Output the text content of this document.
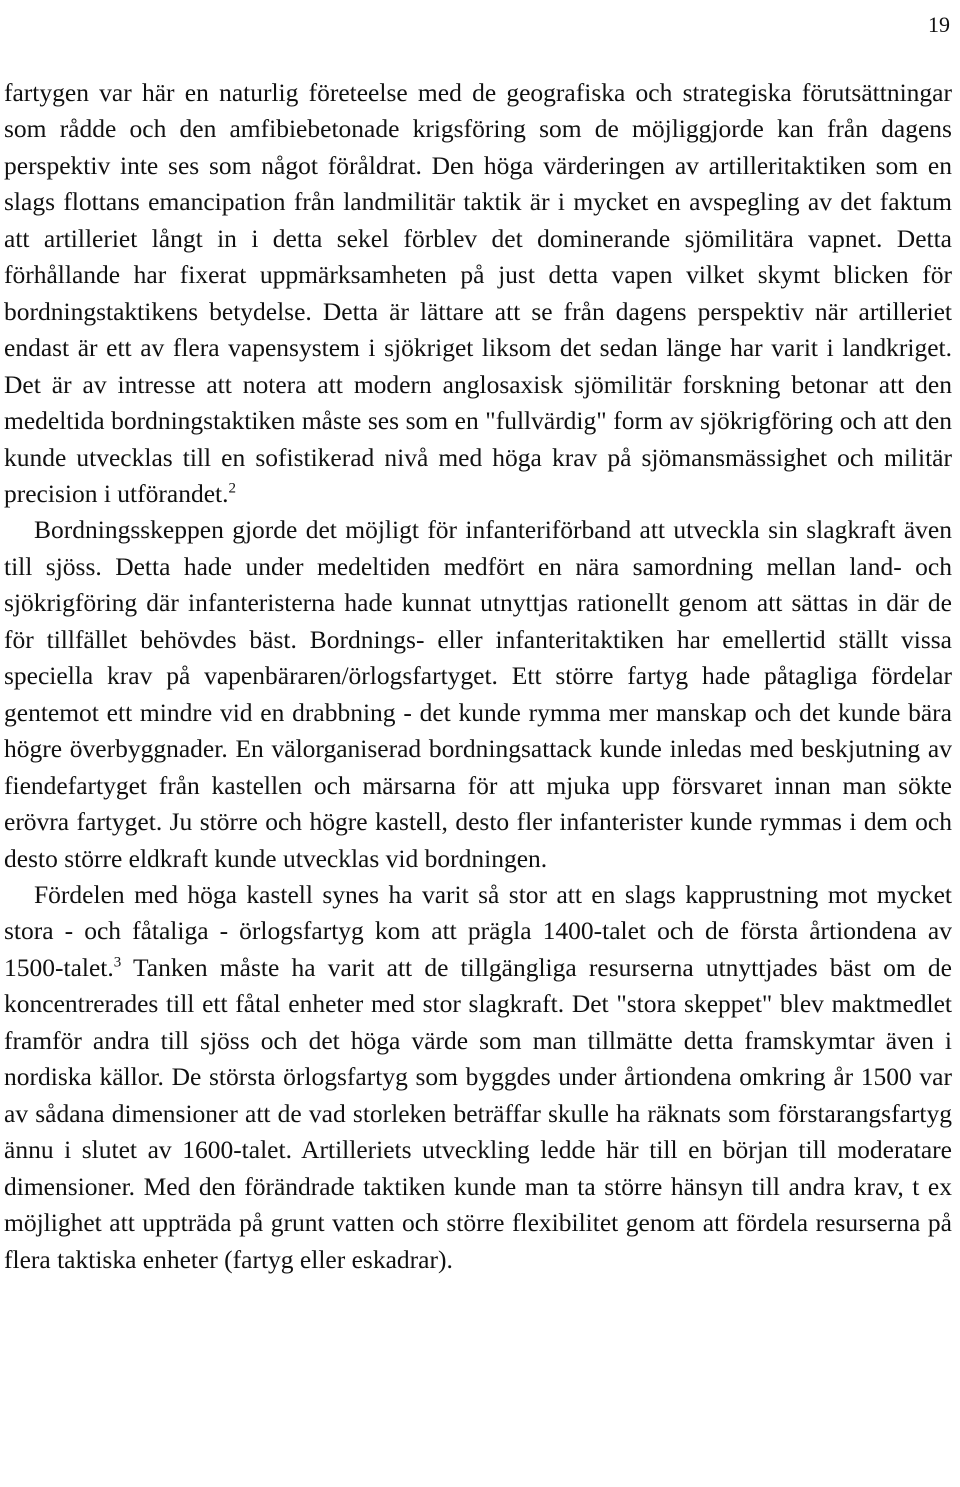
19

fartygen var här en naturlig företeelse med de geografiska och strategiska förutsättningar som rådde och den amfibiebetonade krigsföring som de möjliggjorde kan från dagens perspektiv inte ses som något föråldrat. Den höga värderingen av artilleritaktiken som en slags flottans emancipation från landmilitär taktik är i mycket en avspegling av det faktum att artilleriet långt in i detta sekel förblev det dominerande sjömilitära vapnet. Detta förhållande har fixerat uppmärksamheten på just detta vapen vilket skymt blicken för bordningstaktikens betydelse. Detta är lättare att se från dagens perspektiv när artilleriet endast är ett av flera vapensystem i sjökriget liksom det sedan länge har varit i landkriget. Det är av intresse att notera att modern anglosaxisk sjömilitär forskning betonar att den medeltida bordningstaktiken måste ses som en "fullvärdig" form av sjökrigföring och att den kunde utvecklas till en sofistikerad nivå med höga krav på sjömansmässighet och militär precision i utförandet.$^2$

Bordningsskeppen gjorde det möjligt för infanteriförband att utveckla sin slagkraft även till sjöss. Detta hade under medeltiden medfört en nära samordning mellan land- och sjökrigföring där infanteristerna hade kunnat utnyttjas rationellt genom att sättas in där de för tillfället behövdes bäst. Bordnings- eller infanteritaktiken har emellertid ställt vissa speciella krav på vapenbäraren/örlogsfartyget. Ett större fartyg hade påtagliga fördelar gentemot ett mindre vid en drabbning - det kunde rymma mer manskap och det kunde bära högre överbyggnader. En välorganiserad bordningsattack kunde inledas med beskjutning av fiendefartyget från kastellen och märsarna för att mjuka upp försvaret innan man sökte erövra fartyget. Ju större och högre kastell, desto fler infanterister kunde rymmas i dem och desto större eldkraft kunde utvecklas vid bordningen.

Fördelen med höga kastell synes ha varit så stor att en slags kapprustning mot mycket stora - och fåtaliga - örlogsfartyg kom att prägla 1400-talet och de första årtiondena av 1500-talet.$^3$ Tanken måste ha varit att de tillgängliga resurserna utnyttjades bäst om de koncentrerades till ett fåtal enheter med stor slagkraft. Det "stora skeppet" blev maktmedlet framför andra till sjöss och det höga värde som man tillmätte detta framskymtar även i nordiska källor. De största örlogsfartyg som byggdes under årtiondena omkring år 1500 var av sådana dimensioner att de vad storleken beträffar skulle ha räknats som förstarangsfartyg ännu i slutet av 1600-talet. Artilleriets utveckling ledde här till en början till moderatare dimensioner. Med den förändrade taktiken kunde man ta större hänsyn till andra krav, t ex möjlighet att uppträda på grunt vatten och större flexibilitet genom att fördela resurserna på flera taktiska enheter (fartyg eller eskadrar).
